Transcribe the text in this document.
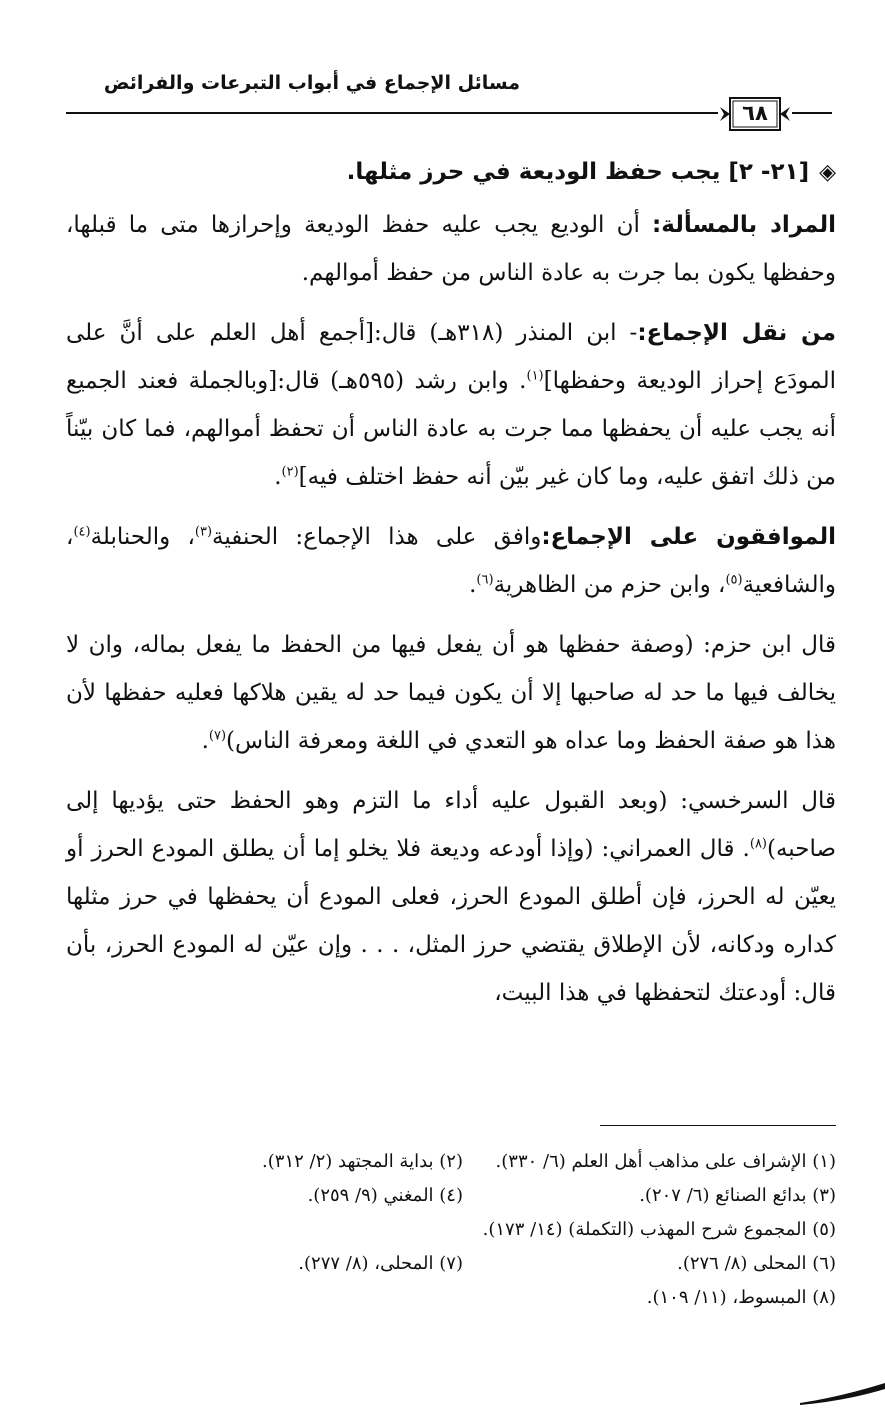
مسائل الإجماع في أبواب التبرعات والفرائض
٦٨
◈[٢١- ٢] يجب حفظ الوديعة في حرز مثلها.

المراد بالمسألة: أن الوديع يجب عليه حفظ الوديعة وإحرازها متى ما قبلها، وحفظها يكون بما جرت به عادة الناس من حفظ أموالهم.

من نقل الإجماع:- ابن المنذر (٣١٨هـ) قال:[أجمع أهل العلم على أنَّ على المودَع إحراز الوديعة وحفظها]$^{(١)}$. وابن رشد (٥٩٥هـ) قال:[وبالجملة فعند الجميع أنه يجب عليه أن يحفظها مما جرت به عادة الناس أن تحفظ أموالهم، فما كان بيّناً من ذلك اتفق عليه، وما كان غير بيّن أنه حفظ اختلف فيه]$^{(٢)}$.

الموافقون على الإجماع:وافق على هذا الإجماع: الحنفية$^{(٣)}$، والحنابلة$^{(٤)}$، والشافعية$^{(٥)}$، وابن حزم من الظاهرية$^{(٦)}$.

قال ابن حزم: (وصفة حفظها هو أن يفعل فيها من الحفظ ما يفعل بماله، وان لا يخالف فيها ما حد له صاحبها إلا أن يكون فيما حد له يقين هلاكها فعليه حفظها لأن هذا هو صفة الحفظ وما عداه هو التعدي في اللغة ومعرفة الناس)$^{(٧)}$.

قال السرخسي: (وبعد القبول عليه أداء ما التزم وهو الحفظ حتى يؤديها إلى صاحبه)$^{(٨)}$. قال العمراني: (وإذا أودعه وديعة فلا يخلو إما أن يطلق المودع الحرز أو يعيّن له الحرز، فإن أطلق المودع الحرز، فعلى المودع أن يحفظها في حرز مثلها كداره ودكانه، لأن الإطلاق يقتضي حرز المثل، . . . وإن عيّن له المودع الحرز، بأن قال: أودعتك لتحفظها في هذا البيت،

(١) الإشراف على مذاهب أهل العلم (٦/ ٣٣٠).
(٢) بداية المجتهد (٢/ ٣١٢).
(٣) بدائع الصنائع (٦/ ٢٠٧).
(٤) المغني (٩/ ٢٥٩).
(٥) المجموع شرح المهذب (التكملة) (١٤/ ١٧٣).
(٦) المحلى (٨/ ٢٧٦).
(٧) المحلى، (٨/ ٢٧٧).
(٨) المبسوط، (١١/ ١٠٩).
